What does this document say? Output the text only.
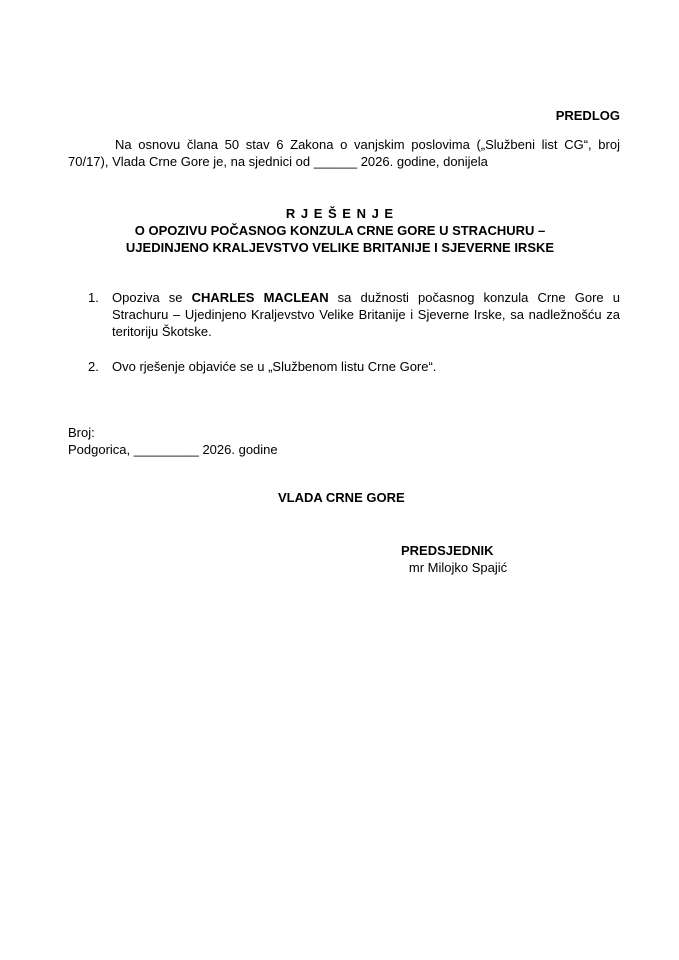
PREDLOG
Na osnovu člana 50 stav 6 Zakona o vanjskim poslovima („Službeni list CG“, broj 70/17), Vlada Crne Gore je, na sjednici od ______ 2026. godine, donijela
R J E Š E N J E
O OPOZIVU POČASNOG KONZULA CRNE GORE U STRACHURU –
UJEDINJENO KRALJEVSTVO VELIKE BRITANIJE I SJEVERNE IRSKE
1.	Opoziva se CHARLES MACLEAN sa dužnosti počasnog konzula Crne Gore u Strachuru – Ujedinjeno Kraljevstvo Velike Britanije i Sjeverne Irske, sa nadležnošću za teritoriju Škotske.
2.	Ovo rješenje objaviće se u „Službenom listu Crne Gore“.
Broj:
Podgorica, _________ 2026. godine
VLADA CRNE GORE
PREDSJEDNIK
mr Milojko Spajić
